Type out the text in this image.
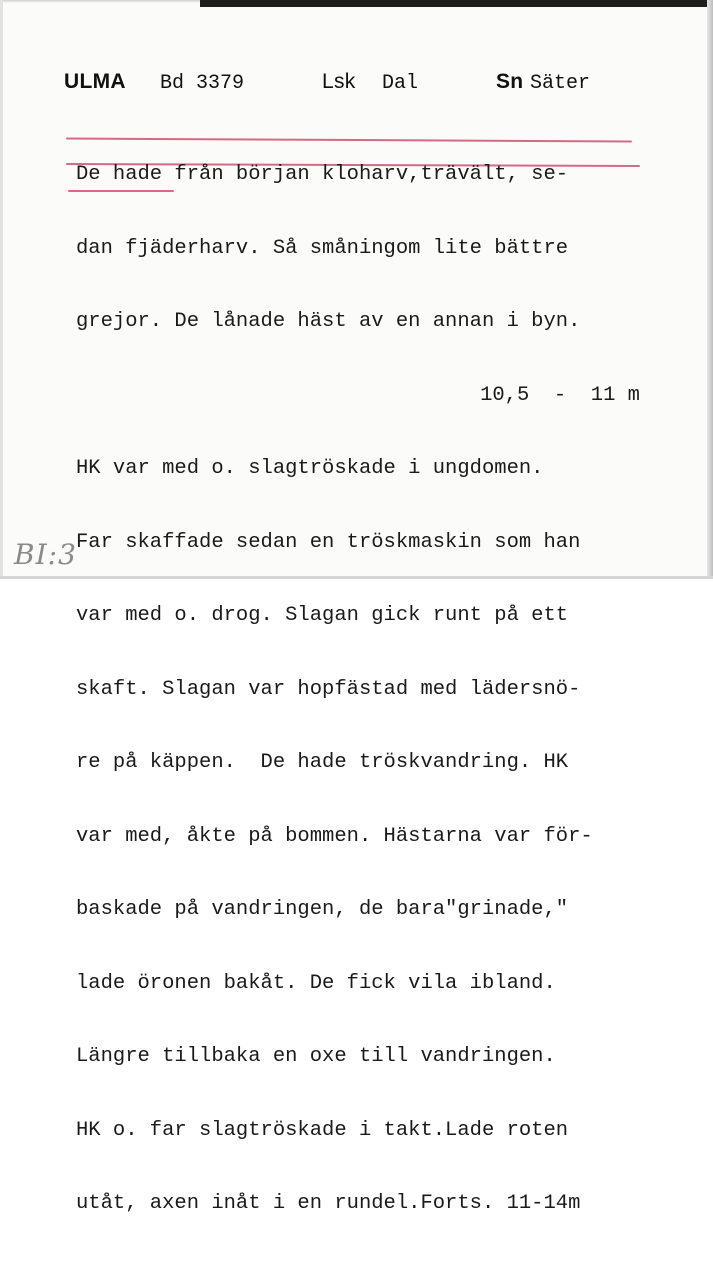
ULMA Bd 3379	Lsk Dal	Sn Säter

De hade från början kloharv,trävält, se-

dan fjäderharv. Så småningom lite bättre

grejor. De lånade häst av en annan i byn.

10,5  -  11 m

HK var med o. slagtröskade i ungdomen.

Far skaffade sedan en tröskmaskin som han

var med o. drog. Slagan gick runt på ett

skaft. Slagan var hopfästad med lädersnö-

re på käppen.  De hade tröskvandring. HK

var med, åkte på bommen. Hästarna var för-

baskade på vandringen, de bara"grinade,"

lade öronen bakåt. De fick vila ibland.

Längre tillbaka en oxe till vandringen.

HK o. far slagtröskade i takt.Lade roten

utåt, axen inåt i en rundel.Forts. 11-14m

BI:3
